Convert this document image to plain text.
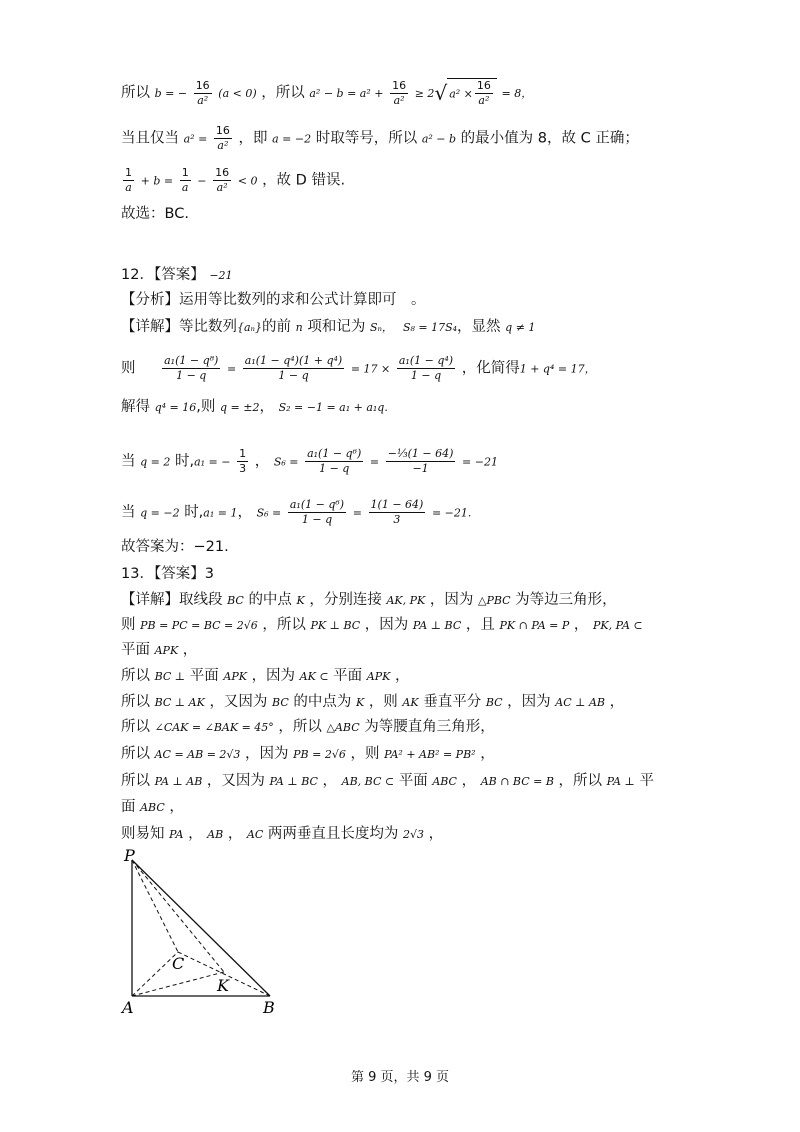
所以 b = − $\frac{16}{\text{a²}} (a < 0)$ ，所以 $a^2 - b = a^2 + \frac{16}{\text{a²}} \ge 2√$ $a^2 \times \frac{16}{\text{a²}} = 8$，
当且仅当 $a^2 = \frac{16}{\text{a²}}$ ，即 a = −2 时取等号，所以 a² − b 的最小值为 8，故 C 正确；
$\frac{1}{a} + b = \frac{1}{a} - \frac{16}{\text{a²}} < 0$ ，故 D 错误.
故选：BC.
12．【答案】 −21
【分析】运用等比数列的求和公式计算即可　。
【详解】等比数列{aₙ}的前 n 项和记为 Sₙ， S₈ = 17S₄，显然 q ≠ 1
则 $\frac{\text{a₁(1 − q⁸)}}{1 - q} = \frac{\text{a₁(1 − q⁴)(1 + q⁴)}}{1 - q} = 17 \times \frac{\text{a₁(1 − q⁴)}}{1 - q}$ ，化简得1 + q⁴ = 17，
解得 q⁴ = 16,则 q = ±2， S₂ = −1 = a₁ + a₁q.
当 q = 2 时,a₁ = − $\frac{1}{3}$ ， $S_6 = \frac{\text{a₁(1 − q⁶)}}{1 - q} = \frac{\text{−⅓(1 − 64)}}{-1} = -21$
当 q = −2 时,a₁ = 1， $S_6 = \frac{\text{a₁(1 − q⁶)}}{1 - q} = \frac{1(1 - 64)}{3} = -21$.
故答案为：−21.
13．【答案】3
【详解】取线段 BC 的中点 K ，分别连接 AK, PK ，因为 △PBC 为等边三角形，
则 PB = PC = BC = 2√6 ，所以 PK ⊥ BC ，因为 PA ⊥ BC ，且 PK ∩ PA = P ， PK, PA ⊂
平面 APK ，
所以 BC ⊥ 平面 APK ，因为 AK ⊂ 平面 APK ，
所以 BC ⊥ AK ，又因为 BC 的中点为 K ，则 AK 垂直平分 BC ，因为 AC ⊥ AB ，
所以 ∠CAK = ∠BAK = 45° ，所以 △ABC 为等腰直角三角形，
所以 AC = AB = 2√3 ，因为 PB = 2√6 ，则 PA² + AB² = PB² ，
所以 PA ⊥ AB ，又因为 PA ⊥ BC ， AB, BC ⊂ 平面 ABC ， AB ∩ BC = B ，所以 PA ⊥ 平
面 ABC ，
则易知 PA ， AB ， AC 两两垂直且长度均为 2√3 ，
P
A	B
C
K
第 9 页，共 9 页
